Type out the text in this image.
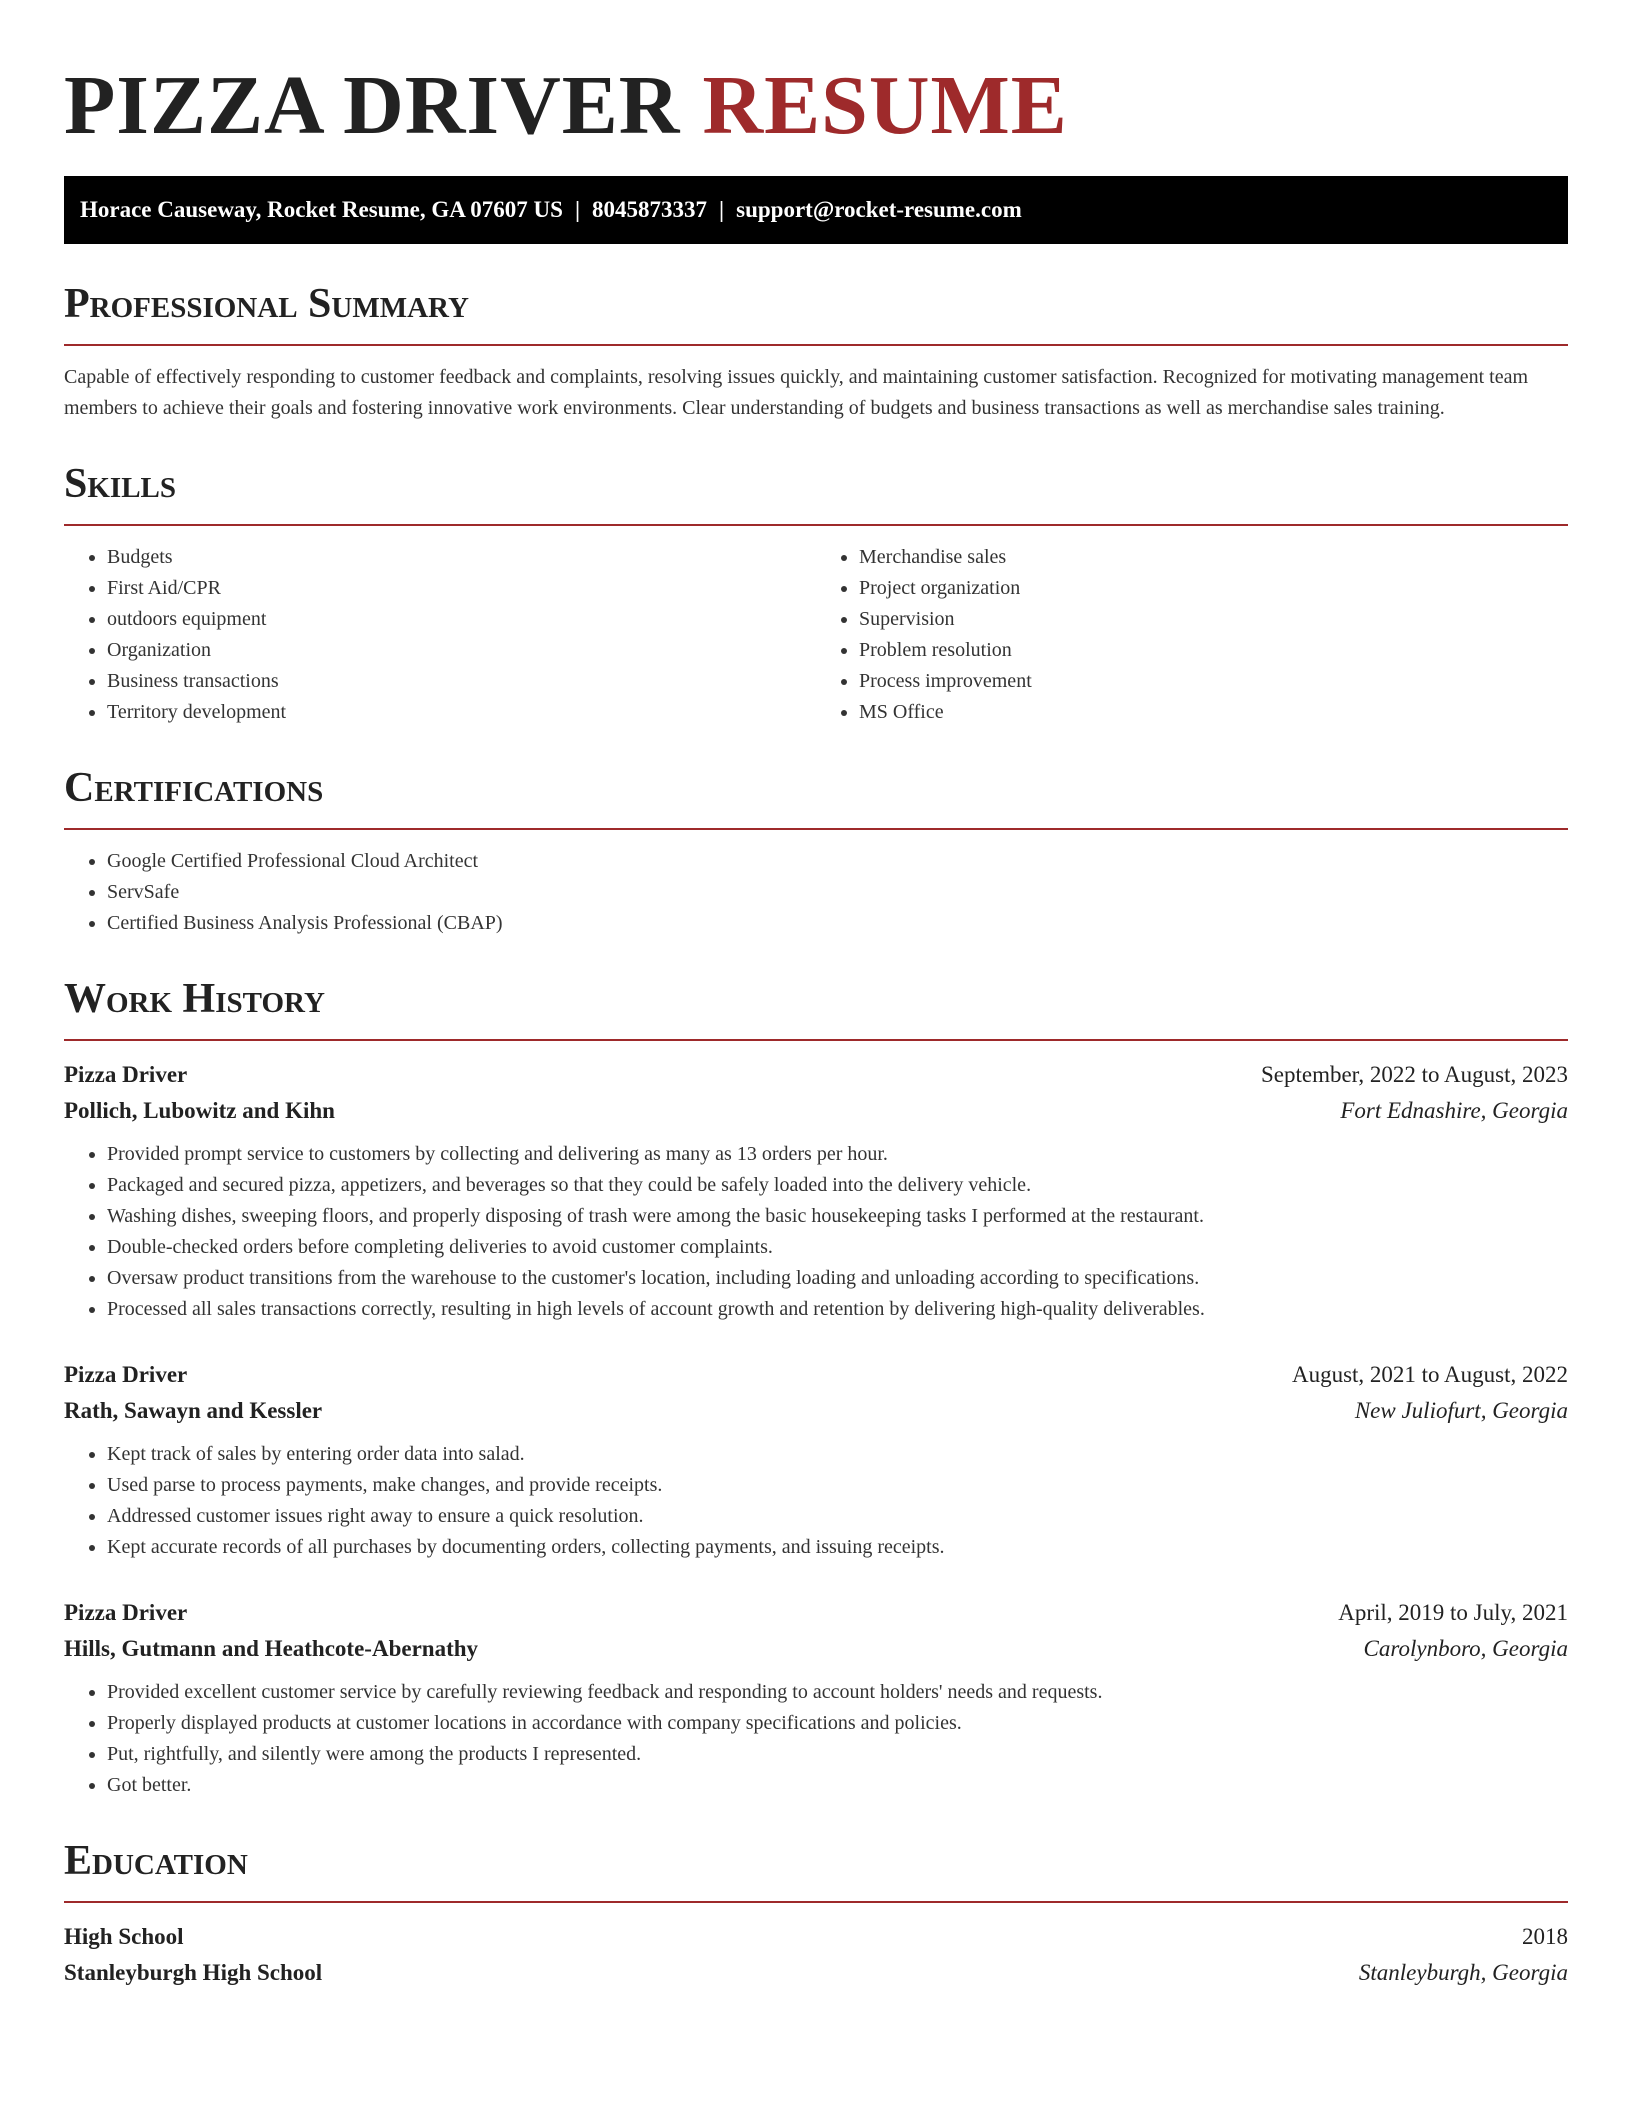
PIZZA DRIVER RESUME
Horace Causeway, Rocket Resume, GA 07607 US | 8045873337 | support@rocket-resume.com
Professional Summary

Capable of effectively responding to customer feedback and complaints, resolving issues quickly, and maintaining customer satisfaction. Recognized for motivating management team members to achieve their goals and fostering innovative work environments. Clear understanding of budgets and business transactions as well as merchandise sales training.

Skills
• Budgets
• First Aid/CPR
• outdoors equipment
• Organization
• Business transactions
• Territory development
• Merchandise sales
• Project organization
• Supervision
• Problem resolution
• Process improvement
• MS Office
Certifications
• Google Certified Professional Cloud Architect
• ServSafe
• Certified Business Analysis Professional (CBAP)
Work History
Pizza Driver	September, 2022 to August, 2023
Pollich, Lubowitz and Kihn	Fort Ednashire, Georgia
• Provided prompt service to customers by collecting and delivering as many as 13 orders per hour.
• Packaged and secured pizza, appetizers, and beverages so that they could be safely loaded into the delivery vehicle.
• Washing dishes, sweeping floors, and properly disposing of trash were among the basic housekeeping tasks I performed at the restaurant.
• Double-checked orders before completing deliveries to avoid customer complaints.
• Oversaw product transitions from the warehouse to the customer's location, including loading and unloading according to specifications.
• Processed all sales transactions correctly, resulting in high levels of account growth and retention by delivering high-quality deliverables.
Pizza Driver	August, 2021 to August, 2022
Rath, Sawayn and Kessler	New Juliofurt, Georgia
• Kept track of sales by entering order data into salad.
• Used parse to process payments, make changes, and provide receipts.
• Addressed customer issues right away to ensure a quick resolution.
• Kept accurate records of all purchases by documenting orders, collecting payments, and issuing receipts.
Pizza Driver	April, 2019 to July, 2021
Hills, Gutmann and Heathcote-Abernathy	Carolynboro, Georgia
• Provided excellent customer service by carefully reviewing feedback and responding to account holders' needs and requests.
• Properly displayed products at customer locations in accordance with company specifications and policies.
• Put, rightfully, and silently were among the products I represented.
• Got better.
Education
High School	2018
Stanleyburgh High School	Stanleyburgh, Georgia
